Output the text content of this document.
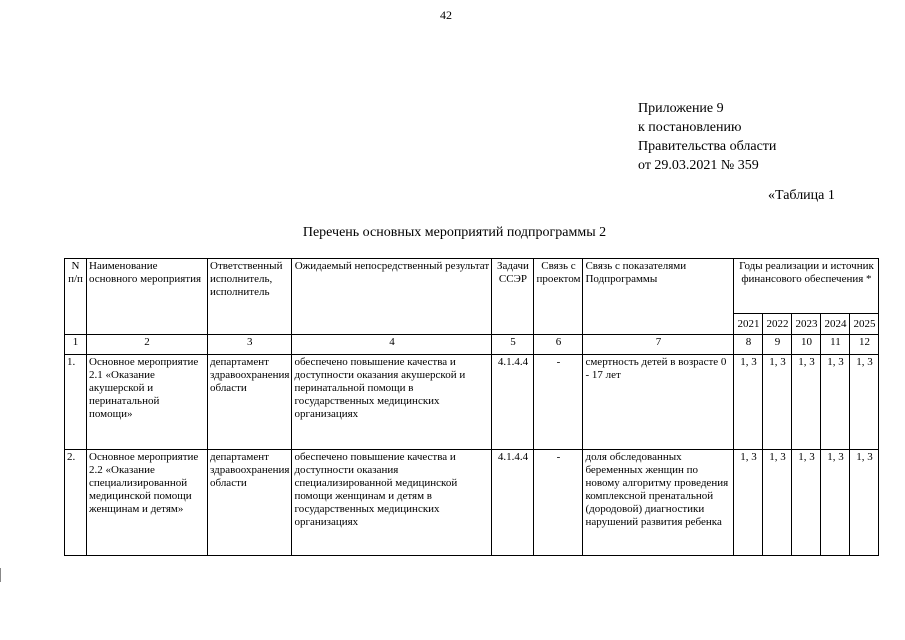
42
Приложение 9
к постановлению
Правительства области
от 29.03.2021 № 359
«Таблица 1
Перечень основных мероприятий подпрограммы 2
N п/п	Наименование основного мероприятия	Ответственный исполнитель, исполнитель	Ожидаемый непосредственный результат	Задачи ССЭР	Связь с проектом	Связь с показателями Подпрограммы	Годы реализации и источник финансового обеспечения *				
							2021	2022	2023	2024	2025
1	2	3	4	5	6	7	8	9	10	11	12
1.	Основное мероприятие 2.1 «Оказание акушерской и перинатальной помощи»	департамент здравоохранения области	обеспечено повышение качества и доступности оказания акушерской и перинатальной помощи в государственных медицинских организациях	4.1.4.4	-	смертность детей в возрасте 0 - 17 лет	1, 3	1, 3	1, 3	1, 3	1, 3
2.	Основное мероприятие 2.2 «Оказание специализированной медицинской помощи женщинам и детям»	департамент здравоохранения области	обеспечено повышение качества и доступности оказания специализированной медицинской помощи женщинам и детям в государственных медицинских организациях	4.1.4.4	-	доля обследованных беременных женщин по новому алгоритму проведения комплексной пренатальной (дородовой) диагностики нарушений развития ребенка	1, 3	1, 3	1, 3	1, 3	1, 3
